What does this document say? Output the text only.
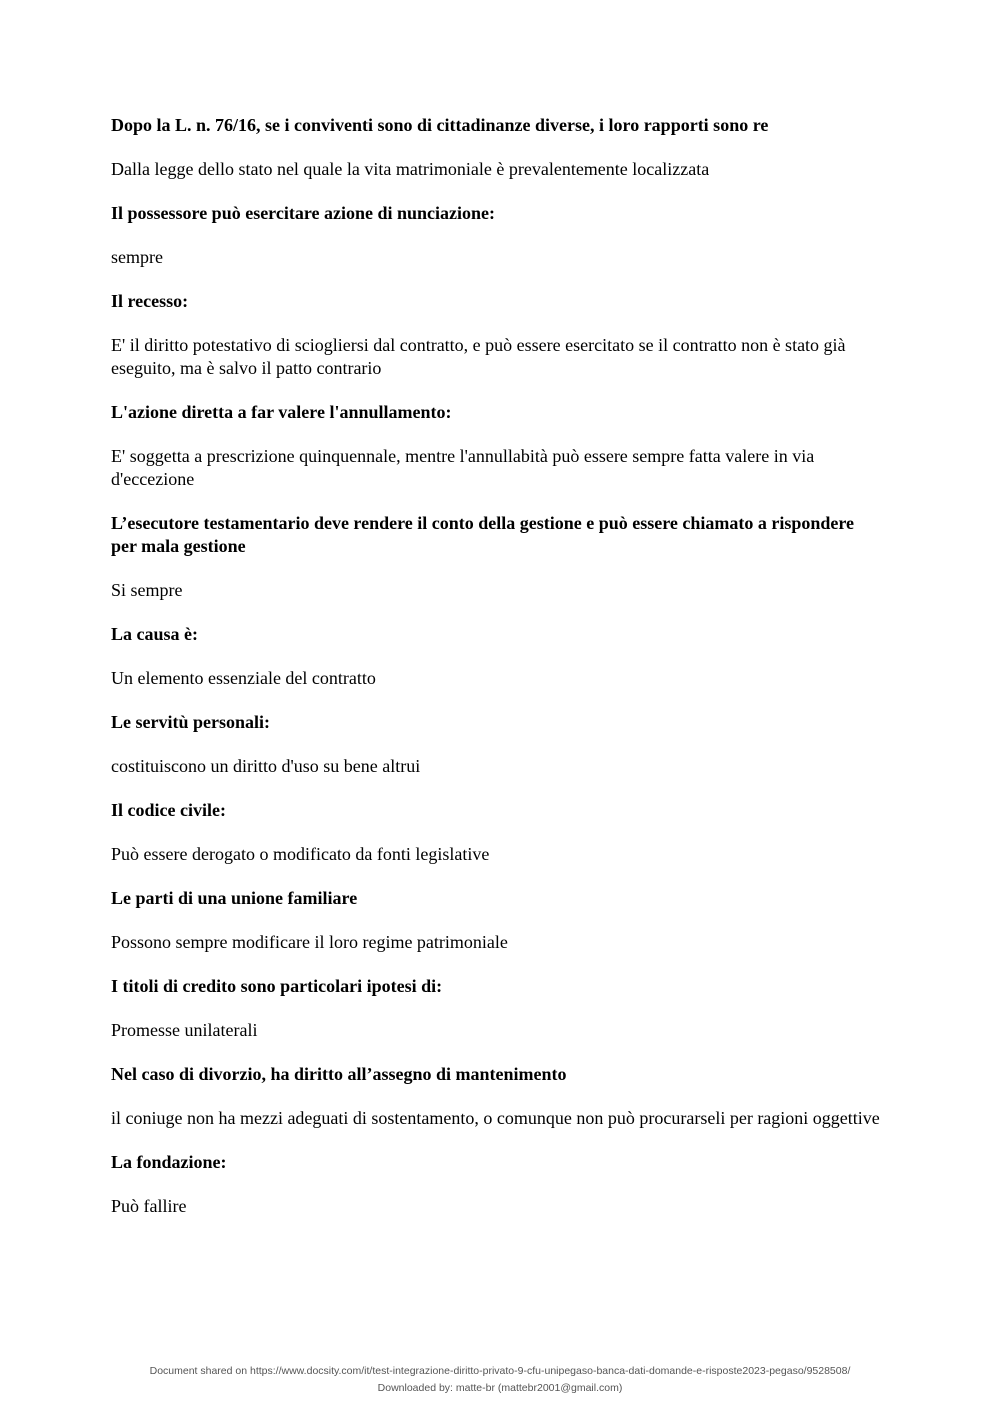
Dopo la L. n. 76/16, se i conviventi sono di cittadinanze diverse, i loro rapporti sono re

Dalla legge dello stato nel quale la vita matrimoniale è prevalentemente localizzata

Il possessore può esercitare azione di nunciazione:

sempre

Il recesso:

E' il diritto potestativo di sciogliersi dal contratto, e può essere esercitato se il contratto non è stato già eseguito, ma è salvo il patto contrario

L'azione diretta a far valere l'annullamento:

E' soggetta a prescrizione quinquennale, mentre l'annullabità può essere sempre fatta valere in via d'eccezione

L’esecutore testamentario deve rendere il conto della gestione e può essere chiamato a rispondere per mala gestione

Si sempre

La causa è:

Un elemento essenziale del contratto

Le servitù personali:

costituiscono un diritto d'uso su bene altrui

Il codice civile:

Può essere derogato o modificato da fonti legislative

Le parti di una unione familiare

Possono sempre modificare il loro regime patrimoniale

I titoli di credito sono particolari ipotesi di:

Promesse unilaterali

Nel caso di divorzio, ha diritto all’assegno di mantenimento

il coniuge non ha mezzi adeguati di sostentamento, o comunque non può procurarseli per ragioni oggettive

La fondazione:

Può fallire

Document shared on https://www.docsity.com/it/test-integrazione-diritto-privato-9-cfu-unipegaso-banca-dati-domande-e-risposte2023-pegaso/9528508/
Downloaded by: matte-br (mattebr2001@gmail.com)
